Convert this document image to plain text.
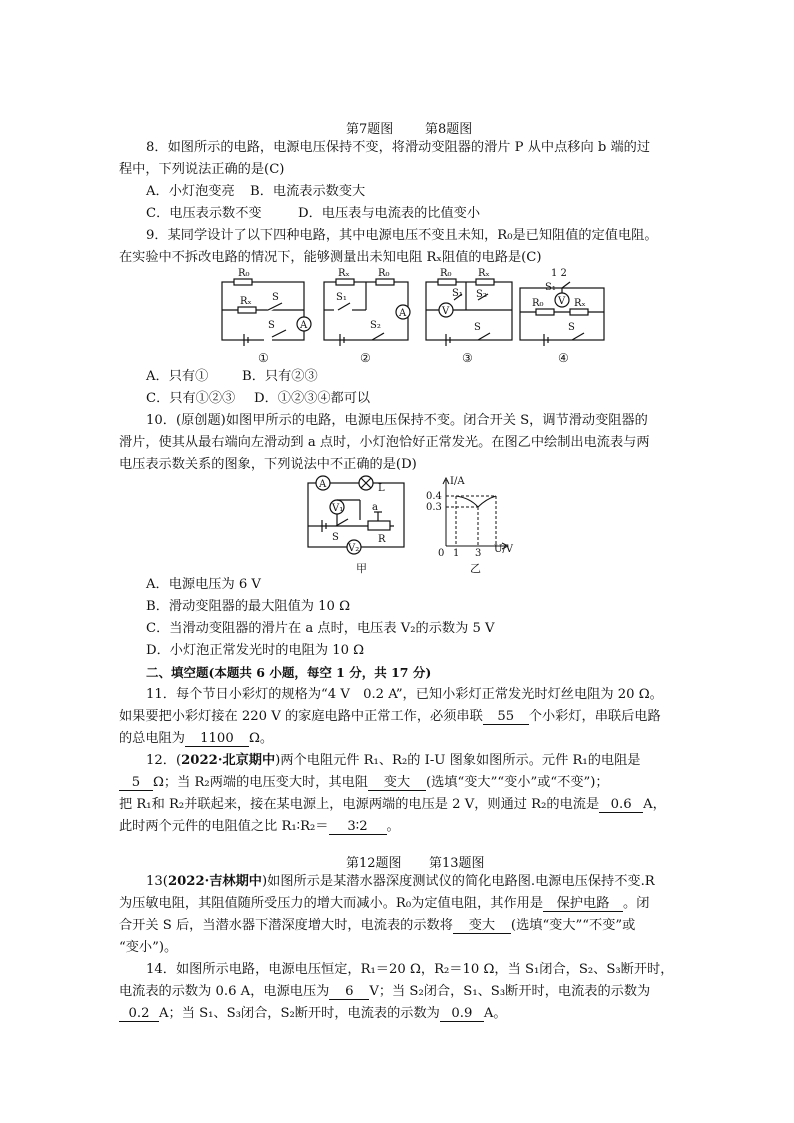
第7题图 第8题图
8．如图所示的电路，电源电压保持不变，将滑动变阻器的滑片 P 从中点移向 b 端的过
程中，下列说法正确的是(C)
A．小灯泡变亮 B．电流表示数变大
C．电压表示数不变	D．电压表与电流表的比值变小
9．某同学设计了以下四种电路，其中电源电压不变且未知，R₀是已知阻值的定值电阻。
在实验中不拆改电路的情况下，能够测量出未知电阻 Rₓ阻值的电路是(C)
R₀
Rₓ S
S	A
Rₓ	R₀
S₁
S₂
A
R₀	Rₓ
S₁ S₂
S
V
1 2
S₁
R₀	Rₓ
S
V
①	②	③	④
A．只有①	B．只有②③
C．只有①②③ D．①②③④都可以
10．(原创题)如图甲所示的电路，电源电压保持不变。闭合开关 S，调节滑动变阻器的
滑片，使其从最右端向左滑动到 a 点时，小灯泡恰好正常发光。在图乙中绘制出电流表与两
电压表示数关系的图象，下列说法中不正确的是(D)
A	L
V₁
V₂
S
a
R
I/A
U/V
0 1 3
0.4
0.3
甲	乙
A．电源电压为 6 V
B．滑动变阻器的最大阻值为 10 Ω
C．当滑动变阻器的滑片在 a 点时，电压表 V₂的示数为 5 V
D．小灯泡正常发光时的电阻为 10 Ω
二、填空题(本题共 6 小题，每空 1 分，共 17 分)
11．每个节日小彩灯的规格为“4 V　0.2 A”，已知小彩灯正常发光时灯丝电阻为 20 Ω。
如果要把小彩灯接在 220 V 的家庭电路中正常工作，必须串联 55 个小彩灯，串联后电路
的总电阻为 1100 Ω。
12．(2022·北京期中)两个电阻元件 R₁、R₂的 I-U 图象如图所示。元件 R₁的电阻是
5 Ω；当 R₂两端的电压变大时，其电阻 变大 (选填“变大”“变小”或“不变”)；
把 R₁和 R₂并联起来，接在某电源上，电源两端的电压是 2 V，则通过 R₂的电流是 0.6 A，
此时两个元件的电阻值之比 R₁∶R₂＝ 3∶2 。
第12题图 第13题图
13(2022·吉林期中)如图所示是某潜水器深度测试仪的简化电路图.电源电压保持不变.R
为压敏电阻，其阻值随所受压力的增大而减小。R₀为定值电阻，其作用是 保护电路 。闭
合开关 S 后，当潜水器下潜深度增大时，电流表的示数将 变大 (选填“变大”“不变”或
“变小”)。
14．如图所示电路，电源电压恒定，R₁＝20 Ω，R₂＝10 Ω，当 S₁闭合，S₂、S₃断开时，
电流表的示数为 0.6 A，电源电压为 6 V；当 S₂闭合，S₁、S₃断开时，电流表的示数为
0.2 A；当 S₁、S₃闭合，S₂断开时，电流表的示数为 0.9 A。
